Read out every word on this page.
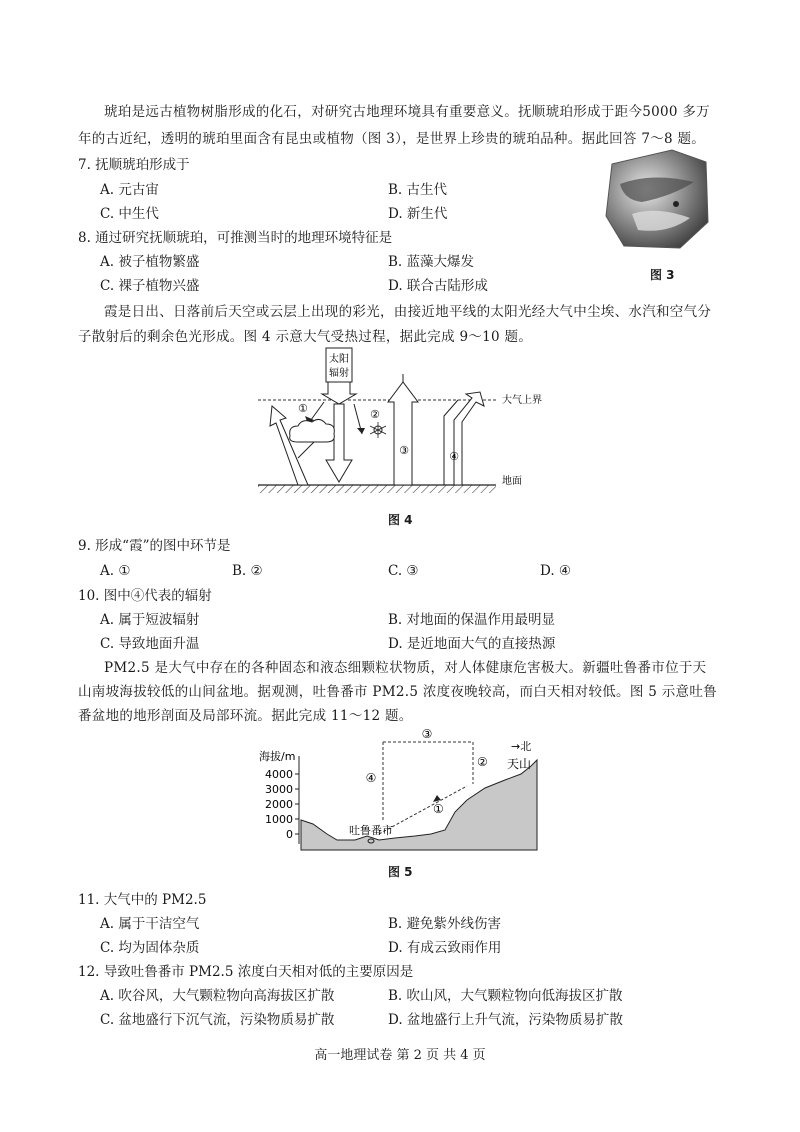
琥珀是远古植物树脂形成的化石，对研究古地理环境具有重要意义。抚顺琥珀形成于距今5000 多万
年的古近纪，透明的琥珀里面含有昆虫或植物（图 3），是世界上珍贵的琥珀品种。据此回答 7～8 题。
7. 抚顺琥珀形成于
A. 元古宙	B. 古生代
C. 中生代	D. 新生代
8. 通过研究抚顺琥珀，可推测当时的地理环境特征是
A. 被子植物繁盛	B. 蓝藻大爆发
C. 裸子植物兴盛	D. 联合古陆形成
图 3
霞是日出、日落前后天空或云层上出现的彩光，由接近地平线的太阳光经大气中尘埃、水汽和空气分
子散射后的剩余色光形成。图 4 示意大气受热过程，据此完成 9～10 题。
太阳
辐射
大气上界
地面
①	②
③	④
图 4
9. 形成“霞”的图中环节是
A. ①	B. ②	C. ③	D. ④
10. 图中④代表的辐射
A. 属于短波辐射	B. 对地面的保温作用最明显
C. 导致地面升温	D. 是近地面大气的直接热源
PM2.5 是大气中存在的各种固态和液态细颗粒状物质，对人体健康危害极大。新疆吐鲁番市位于天
山南坡海拔较低的山间盆地。据观测，吐鲁番市 PM2.5 浓度夜晚较高，而白天相对较低。图 5 示意吐鲁
番盆地的地形剖面及局部环流。据此完成 11～12 题。
海拔/m
4000
3000
2000
1000
0	吐鲁番市
→北
天山
①
②
③
④
图 5
11. 大气中的 PM2.5
A. 属于干洁空气	B. 避免紫外线伤害
C. 均为固体杂质	D. 有成云致雨作用
12. 导致吐鲁番市 PM2.5 浓度白天相对低的主要原因是
A. 吹谷风，大气颗粒物向高海拔区扩散	B. 吹山风，大气颗粒物向低海拔区扩散
C. 盆地盛行下沉气流，污染物质易扩散	D. 盆地盛行上升气流，污染物质易扩散
高一地理试卷 第 2 页 共 4 页
